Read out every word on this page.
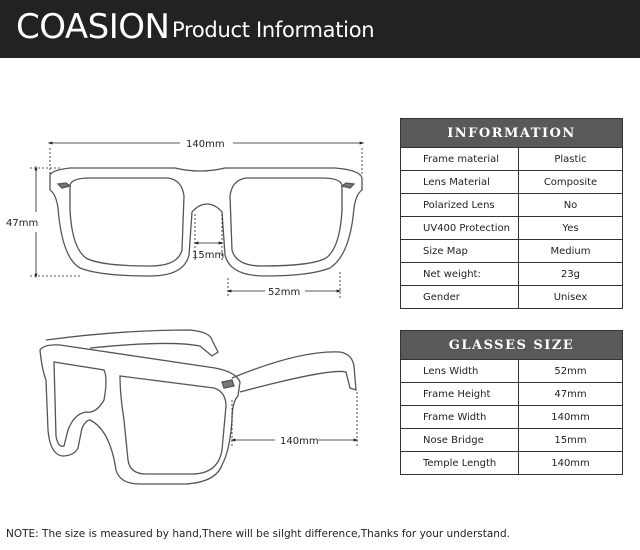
COASION Product Information
140mm
47mm
15mm
52mm
140mm
INFORMATION	
Frame material	Plastic
Lens Material	Composite
Polarized Lens	No
UV400 Protection	Yes
Size Map	Medium
Net weight:	23g
Gender	Unisex
GLASSES SIZE	
Lens Width	52mm
Frame Height	47mm
Frame Width	140mm
Nose Bridge	15mm
Temple Length	140mm
NOTE: The size is measured by hand,There will be silght difference,Thanks for your understand.
